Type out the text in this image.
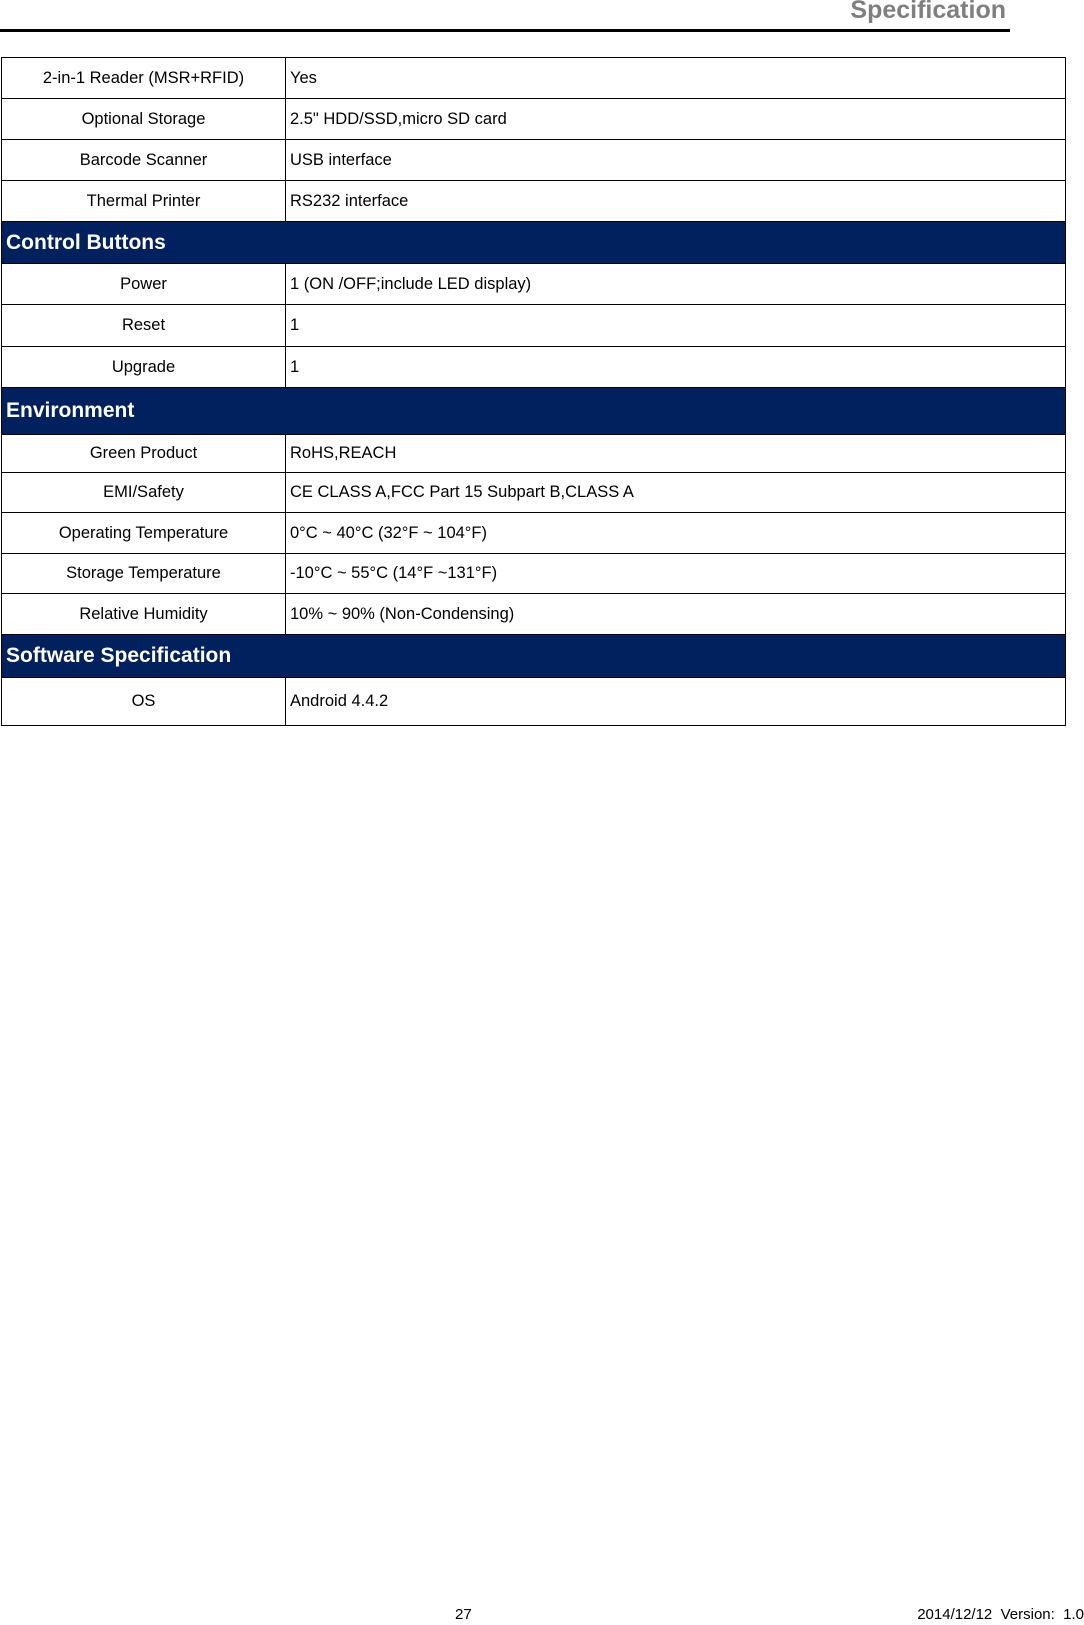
Specification
2-in-1 Reader (MSR+RFID)	Yes
Optional Storage	2.5" HDD/SSD,micro SD card
Barcode Scanner	USB interface
Thermal Printer	RS232 interface
Control Buttons	
Power	1 (ON /OFF;include LED display)
Reset	1
Upgrade	1
Environment	
Green Product	RoHS,REACH
EMI/Safety	CE CLASS A,FCC Part 15 Subpart B,CLASS A
Operating Temperature	0°C ~ 40°C (32°F ~ 104°F)
Storage Temperature	-10°C ~ 55°C (14°F ~131°F)
Relative Humidity	10% ~ 90% (Non-Condensing)
Software Specification	
OS	Android 4.4.2
27	2014/12/12  Version:  1.0
